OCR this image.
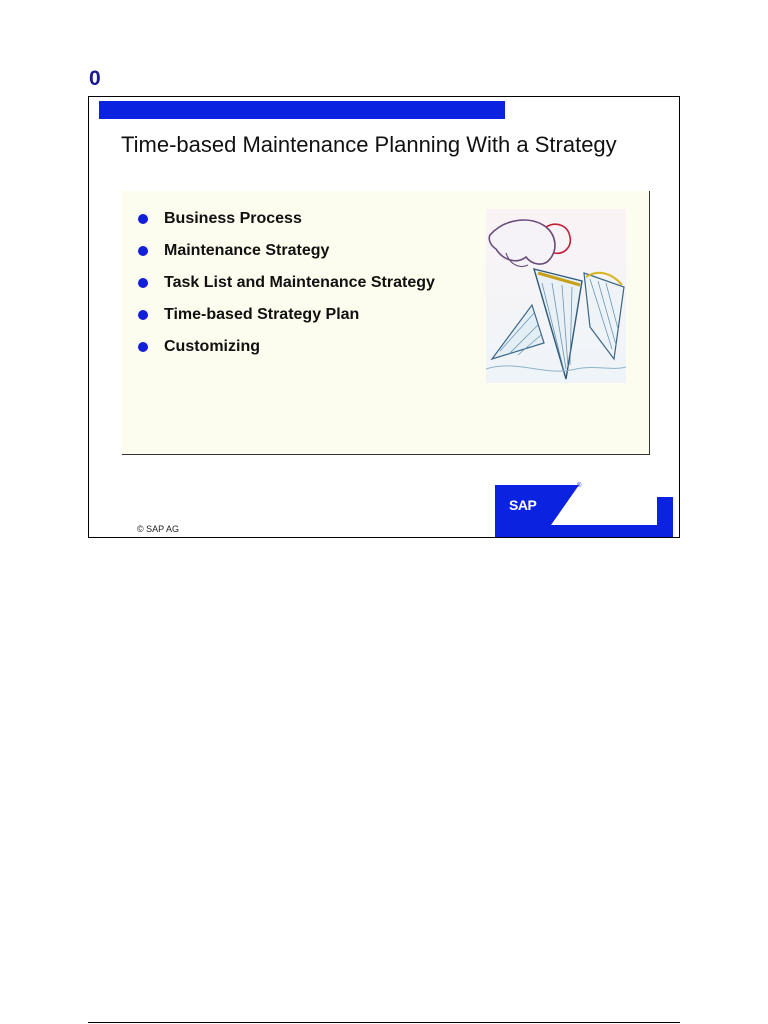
0
Time-based Maintenance Planning With a Strategy
Business Process
Maintenance Strategy
Task List and Maintenance Strategy
Time-based Strategy Plan
Customizing
© SAP AG
®
SAP
